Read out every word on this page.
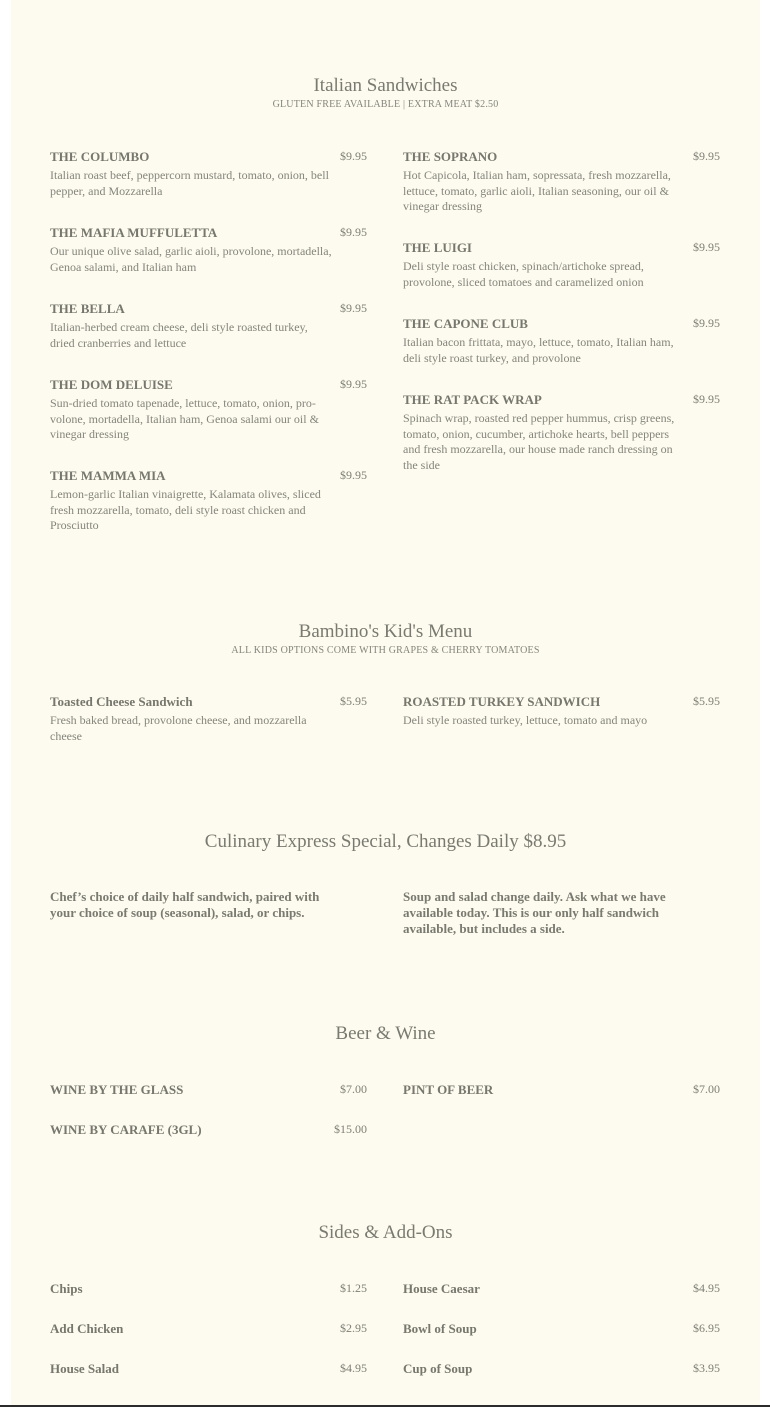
Italian Sandwiches
GLUTEN FREE AVAILABLE | EXTRA MEAT $2.50
THE COLUMBO	$9.95
Italian roast beef, peppercorn mustard, tomato, onion, bell pepper, and Mozzarella
THE MAFIA MUFFULETTA	$9.95
Our unique olive salad, garlic aioli, provolone, mortadella, Genoa salami, and Italian ham
THE BELLA	$9.95
Italian-herbed cream cheese, deli style roasted turkey, dried cranberries and lettuce
THE DOM DELUISE	$9.95
Sun-dried tomato tapenade, lettuce, tomato, onion, pro-volone, mortadella, Italian ham, Genoa salami our oil & vinegar dressing
THE MAMMA MIA	$9.95
Lemon-garlic Italian vinaigrette, Kalamata olives, sliced fresh mozzarella, tomato, deli style roast chicken and Prosciutto
THE SOPRANO	$9.95
Hot Capicola, Italian ham, sopressata, fresh mozzarella, lettuce, tomato, garlic aioli, Italian seasoning, our oil & vinegar dressing
THE LUIGI	$9.95
Deli style roast chicken, spinach/artichoke spread, provolone, sliced tomatoes and caramelized onion
THE CAPONE CLUB	$9.95
Italian bacon frittata, mayo, lettuce, tomato, Italian ham, deli style roast turkey, and provolone
THE RAT PACK WRAP	$9.95
Spinach wrap, roasted red pepper hummus, crisp greens, tomato, onion, cucumber, artichoke hearts, bell peppers and fresh mozzarella, our house made ranch dressing on the side
Bambino's Kid's Menu
ALL KIDS OPTIONS COME WITH GRAPES & CHERRY TOMATOES
Toasted Cheese Sandwich	$5.95
Fresh baked bread, provolone cheese, and mozzarella cheese
ROASTED TURKEY SANDWICH	$5.95
Deli style roasted turkey, lettuce, tomato and mayo
Culinary Express Special, Changes Daily $8.95
Chef’s choice of daily half sandwich, paired with your choice of soup (seasonal), salad, or chips.
Soup and salad change daily. Ask what we have available today. This is our only half sandwich available, but includes a side.
Beer & Wine
WINE BY THE GLASS	$7.00
WINE BY CARAFE (3GL)	$15.00
PINT OF BEER	$7.00
Sides & Add-Ons
Chips	$1.25
Add Chicken	$2.95
House Salad	$4.95
House Caesar	$4.95
Bowl of Soup	$6.95
Cup of Soup	$3.95
